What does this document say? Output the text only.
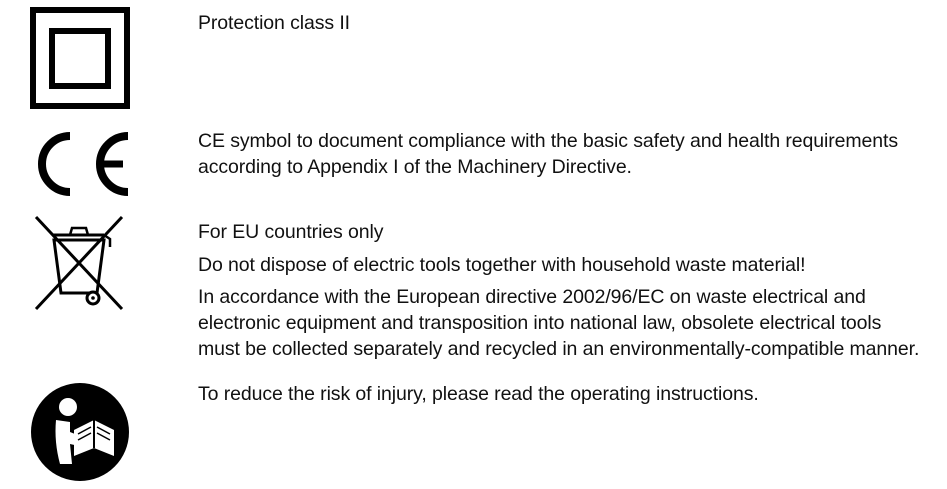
Protection class II

CE symbol to document compliance with the basic safety and health requirements

according to Appendix I of the Machinery Directive.

For EU countries only

Do not dispose of electric tools together with household waste material!

In accordance with the European directive 2002/96/EC on waste electrical and

electronic equipment and transposition into national law, obsolete electrical tools

must be collected separately and recycled in an environmentally-compatible manner.

To reduce the risk of injury, please read the operating instructions.
